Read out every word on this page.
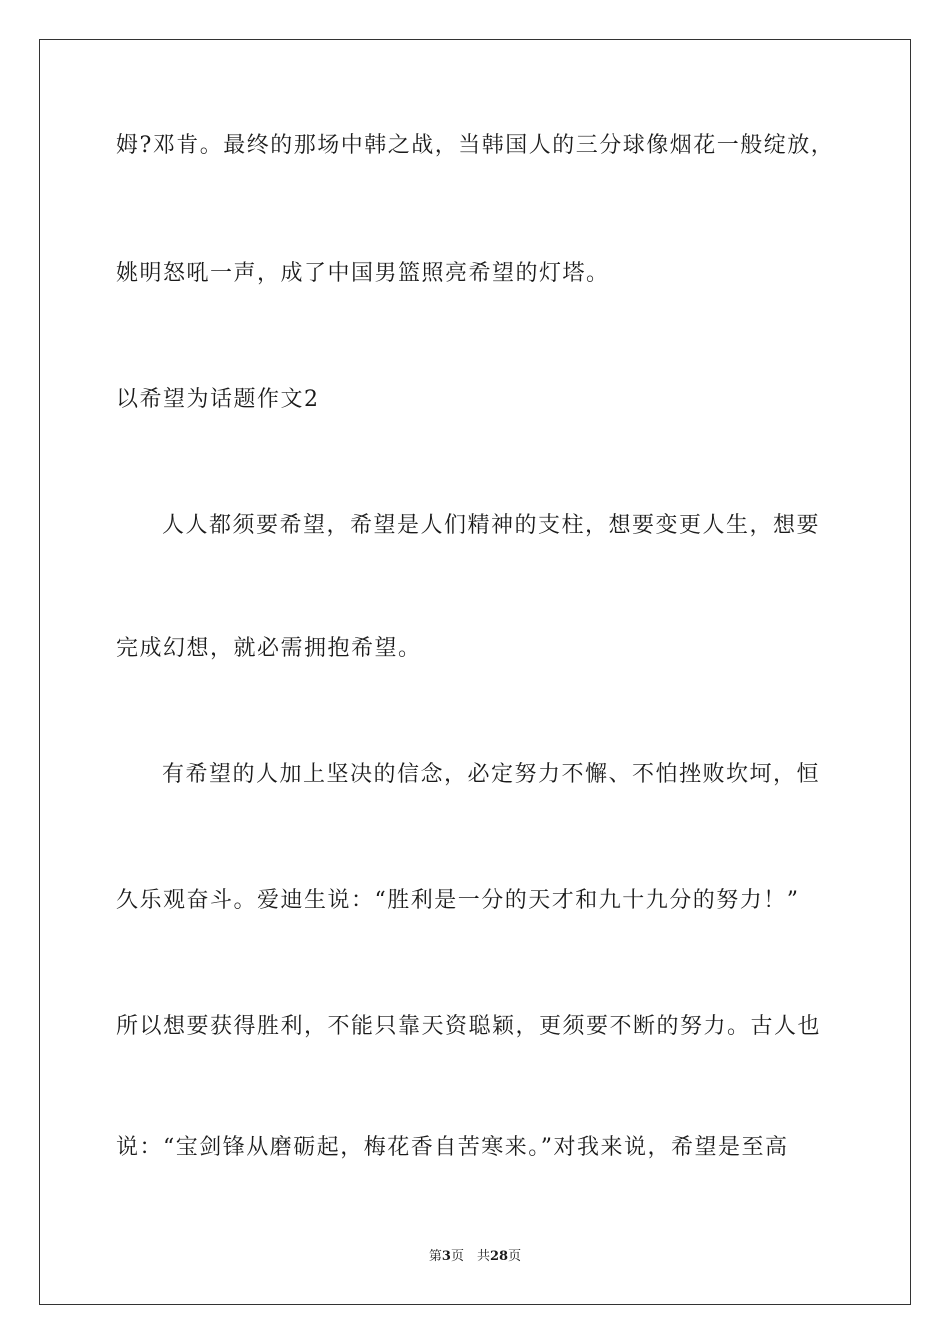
姆?邓肯。最终的那场中韩之战，当韩国人的三分球像烟花一般绽放，
姚明怒吼一声，成了中国男篮照亮希望的灯塔。
以希望为话题作文2
人人都须要希望，希望是人们精神的支柱，想要变更人生，想要
完成幻想，就必需拥抱希望。
有希望的人加上坚决的信念，必定努力不懈、不怕挫败坎坷，恒
久乐观奋斗。爱迪生说：“胜利是一分的天才和九十九分的努力！”
所以想要获得胜利，不能只靠天资聪颖，更须要不断的努力。古人也
说：“宝剑锋从磨砺起，梅花香自苦寒来。”对我来说，希望是至高
第3页　共28页
